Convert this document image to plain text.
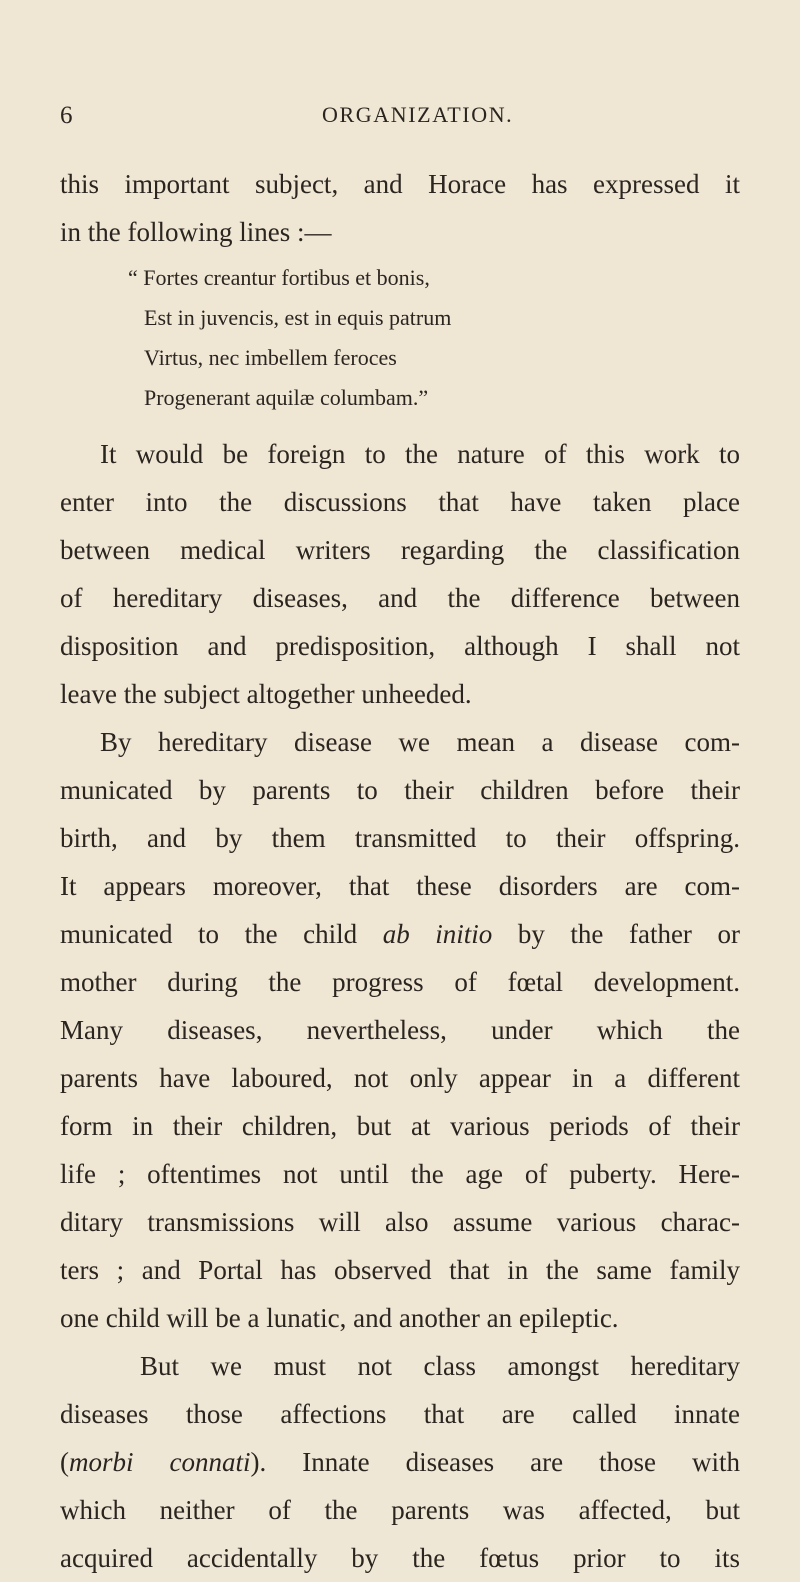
6	ORGANIZATION.
this important subject, and Horace has expressed it
in the following lines :—
“ Fortes creantur fortibus et bonis,
Est in juvencis, est in equis patrum
Virtus, nec imbellem feroces
Progenerant aquilæ columbam.”
It would be foreign to the nature of this work to
enter into the discussions that have taken place
between medical writers regarding the classification
of hereditary diseases, and the difference between
disposition and predisposition, although I shall not
leave the subject altogether unheeded.
By hereditary disease we mean a disease com-
municated by parents to their children before their
birth, and by them transmitted to their offspring.
It appears moreover, that these disorders are com-
municated to the child ab initio by the father or
mother during the progress of fœtal development.
Many diseases, nevertheless, under which the
parents have laboured, not only appear in a different
form in their children, but at various periods of their
life ; oftentimes not until the age of puberty. Here-
ditary transmissions will also assume various charac-
ters ; and Portal has observed that in the same family
one child will be a lunatic, and another an epileptic.
But we must not class amongst hereditary
diseases those affections that are called innate
(morbi connati). Innate diseases are those with
which neither of the parents was affected, but
acquired accidentally by the fœtus prior to its
